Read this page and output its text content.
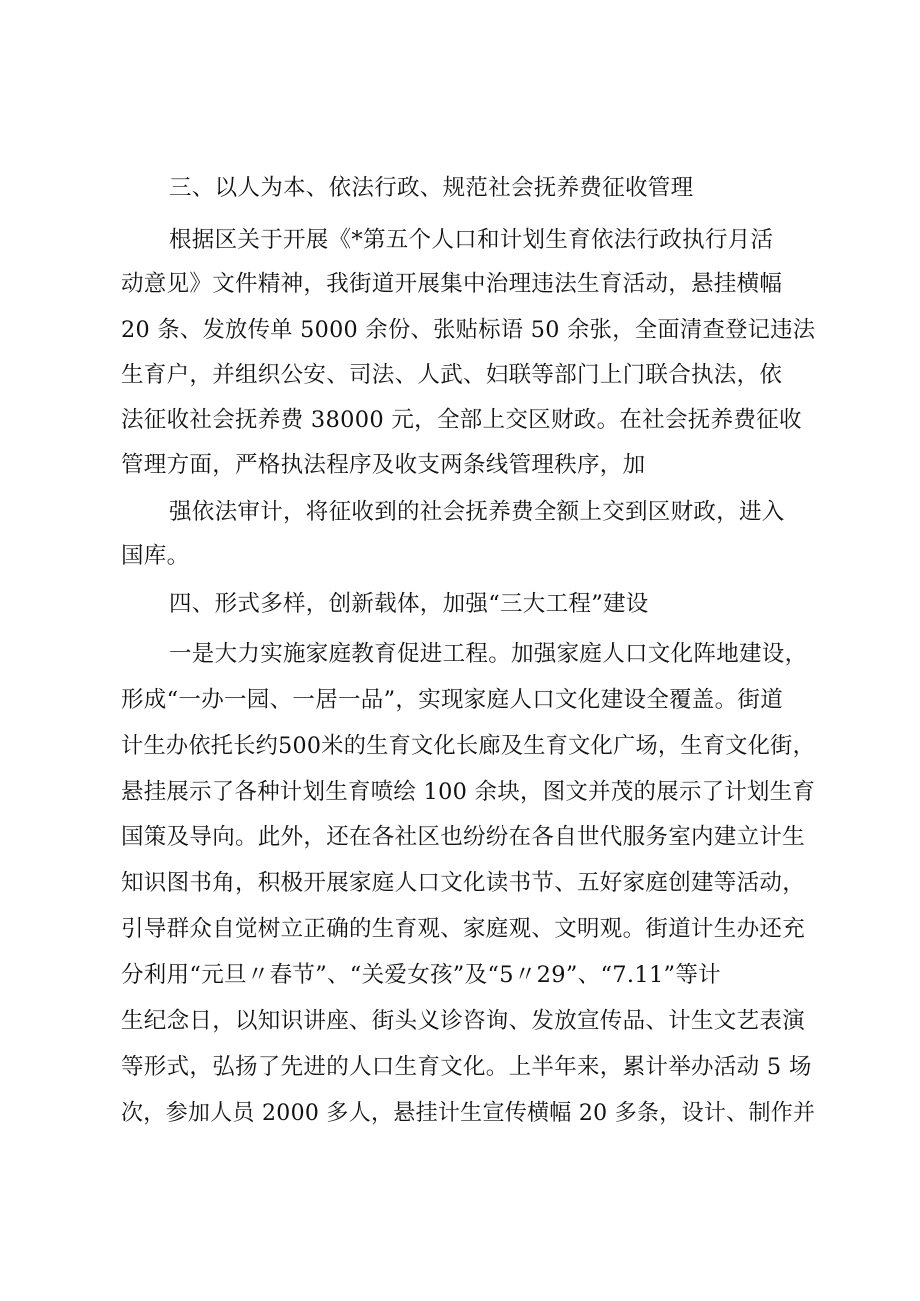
三、以人为本、依法行政、规范社会抚养费征收管理
根据区关于开展《*第五个人口和计划生育依法行政执行月活
动意见》文件精神，我街道开展集中治理违法生育活动，悬挂横幅
20 条、发放传单 5000 余份、张贴标语 50 余张，全面清查登记违法
生育户，并组织公安、司法、人武、妇联等部门上门联合执法，依
法征收社会抚养费 38000 元，全部上交区财政。在社会抚养费征收
管理方面，严格执法程序及收支两条线管理秩序，加
强依法审计，将征收到的社会抚养费全额上交到区财政，进入
国库。
四、形式多样，创新载体，加强“三大工程”建设
一是大力实施家庭教育促进工程。加强家庭人口文化阵地建设，
形成“一办一园、一居一品”，实现家庭人口文化建设全覆盖。街道
计生办依托长约500米的生育文化长廊及生育文化广场，生育文化街，
悬挂展示了各种计划生育喷绘 100 余块，图文并茂的展示了计划生育
国策及导向。此外，还在各社区也纷纷在各自世代服务室内建立计生
知识图书角，积极开展家庭人口文化读书节、五好家庭创建等活动，
引导群众自觉树立正确的生育观、家庭观、文明观。街道计生办还充
分利用“元旦〃春节”、“关爱女孩”及“5〃29”、“7.11”等计
生纪念日，以知识讲座、街头义诊咨询、发放宣传品、计生文艺表演
等形式，弘扬了先进的人口生育文化。上半年来，累计举办活动 5 场
次，参加人员 2000 多人，悬挂计生宣传横幅 20 多条，设计、制作并
